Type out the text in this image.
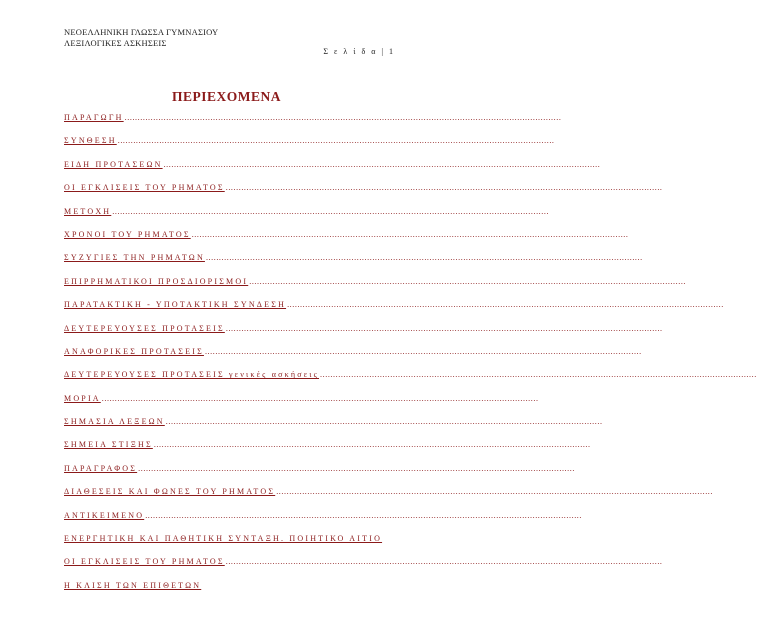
ΝΕΟΕΛΛΗΝΙΚΗ ΓΛΩΣΣΑ ΓΥΜΝΑΣΙΟΥ
ΛΕΞΙΛΟΓΙΚΕΣ ΑΣΚΗΣΕΙΣ
Σ ε λ ί δ α | 1
ΠΕΡΙΕΧΟΜΕΝΑ
ΠΑΡΑΓΩΓΗ
.....
ΣΥΝΘΕΣΗ
.....
ΕΙΔΗ ΠΡΟΤΑΣΕΩΝ
.....
ΟΙ ΕΓΚΛΙΣΕΙΣ ΤΟΥ ΡΗΜΑΤΟΣ
.....
ΜΕΤΟΧΗ
.....
ΧΡΟΝΟΙ ΤΟΥ ΡΗΜΑΤΟΣ
.....
ΣΥΖΥΓΙΕΣ ΤΗΝ ΡΗΜΑΤΩΝ
.....
ΕΠΙΡΡΗΜΑΤΙΚΟΙ ΠΡΟΣΔΙΟΡΙΣΜΟΙ
.....
ΠΑΡΑΤΑΚΤΙΚΗ - ΥΠΟΤΑΚΤΙΚΗ ΣΥΝΔΕΣΗ
.....
ΔΕΥΤΕΡΕΥΟΥΣΕΣ ΠΡΟΤΑΣΕΙΣ
.....
ΑΝΑΦΟΡΙΚΕΣ ΠΡΟΤΑΣΕΙΣ
.....
ΔΕΥΤΕΡΕΥΟΥΣΕΣ ΠΡΟΤΑΣΕΙΣ γενικές ασκήσεις
.....
ΜΟΡΙΑ
.....
ΣΗΜΑΣΙΑ ΛΕΞΕΩΝ
.....
ΣΗΜΕΙΑ ΣΤΙΞΗΣ
.....
ΠΑΡΑΓΡΑΦΟΣ
.....
ΔΙΑΘΕΣΕΙΣ ΚΑΙ ΦΩΝΕΣ ΤΟΥ ΡΗΜΑΤΟΣ
.....
ΑΝΤΙΚΕΙΜΕΝΟ
.....
ΕΝΕΡΓΗΤΙΚΗ ΚΑΙ ΠΑΘΗΤΙΚΗ ΣΥΝΤΑΞΗ. ΠΟΙΗΤΙΚΟ ΑΙΤΙΟ
ΟΙ ΕΓΚΛΙΣΕΙΣ ΤΟΥ ΡΗΜΑΤΟΣ
.....
Η ΚΛΙΣΗ ΤΩΝ ΕΠΙΘΕΤΩΝ
